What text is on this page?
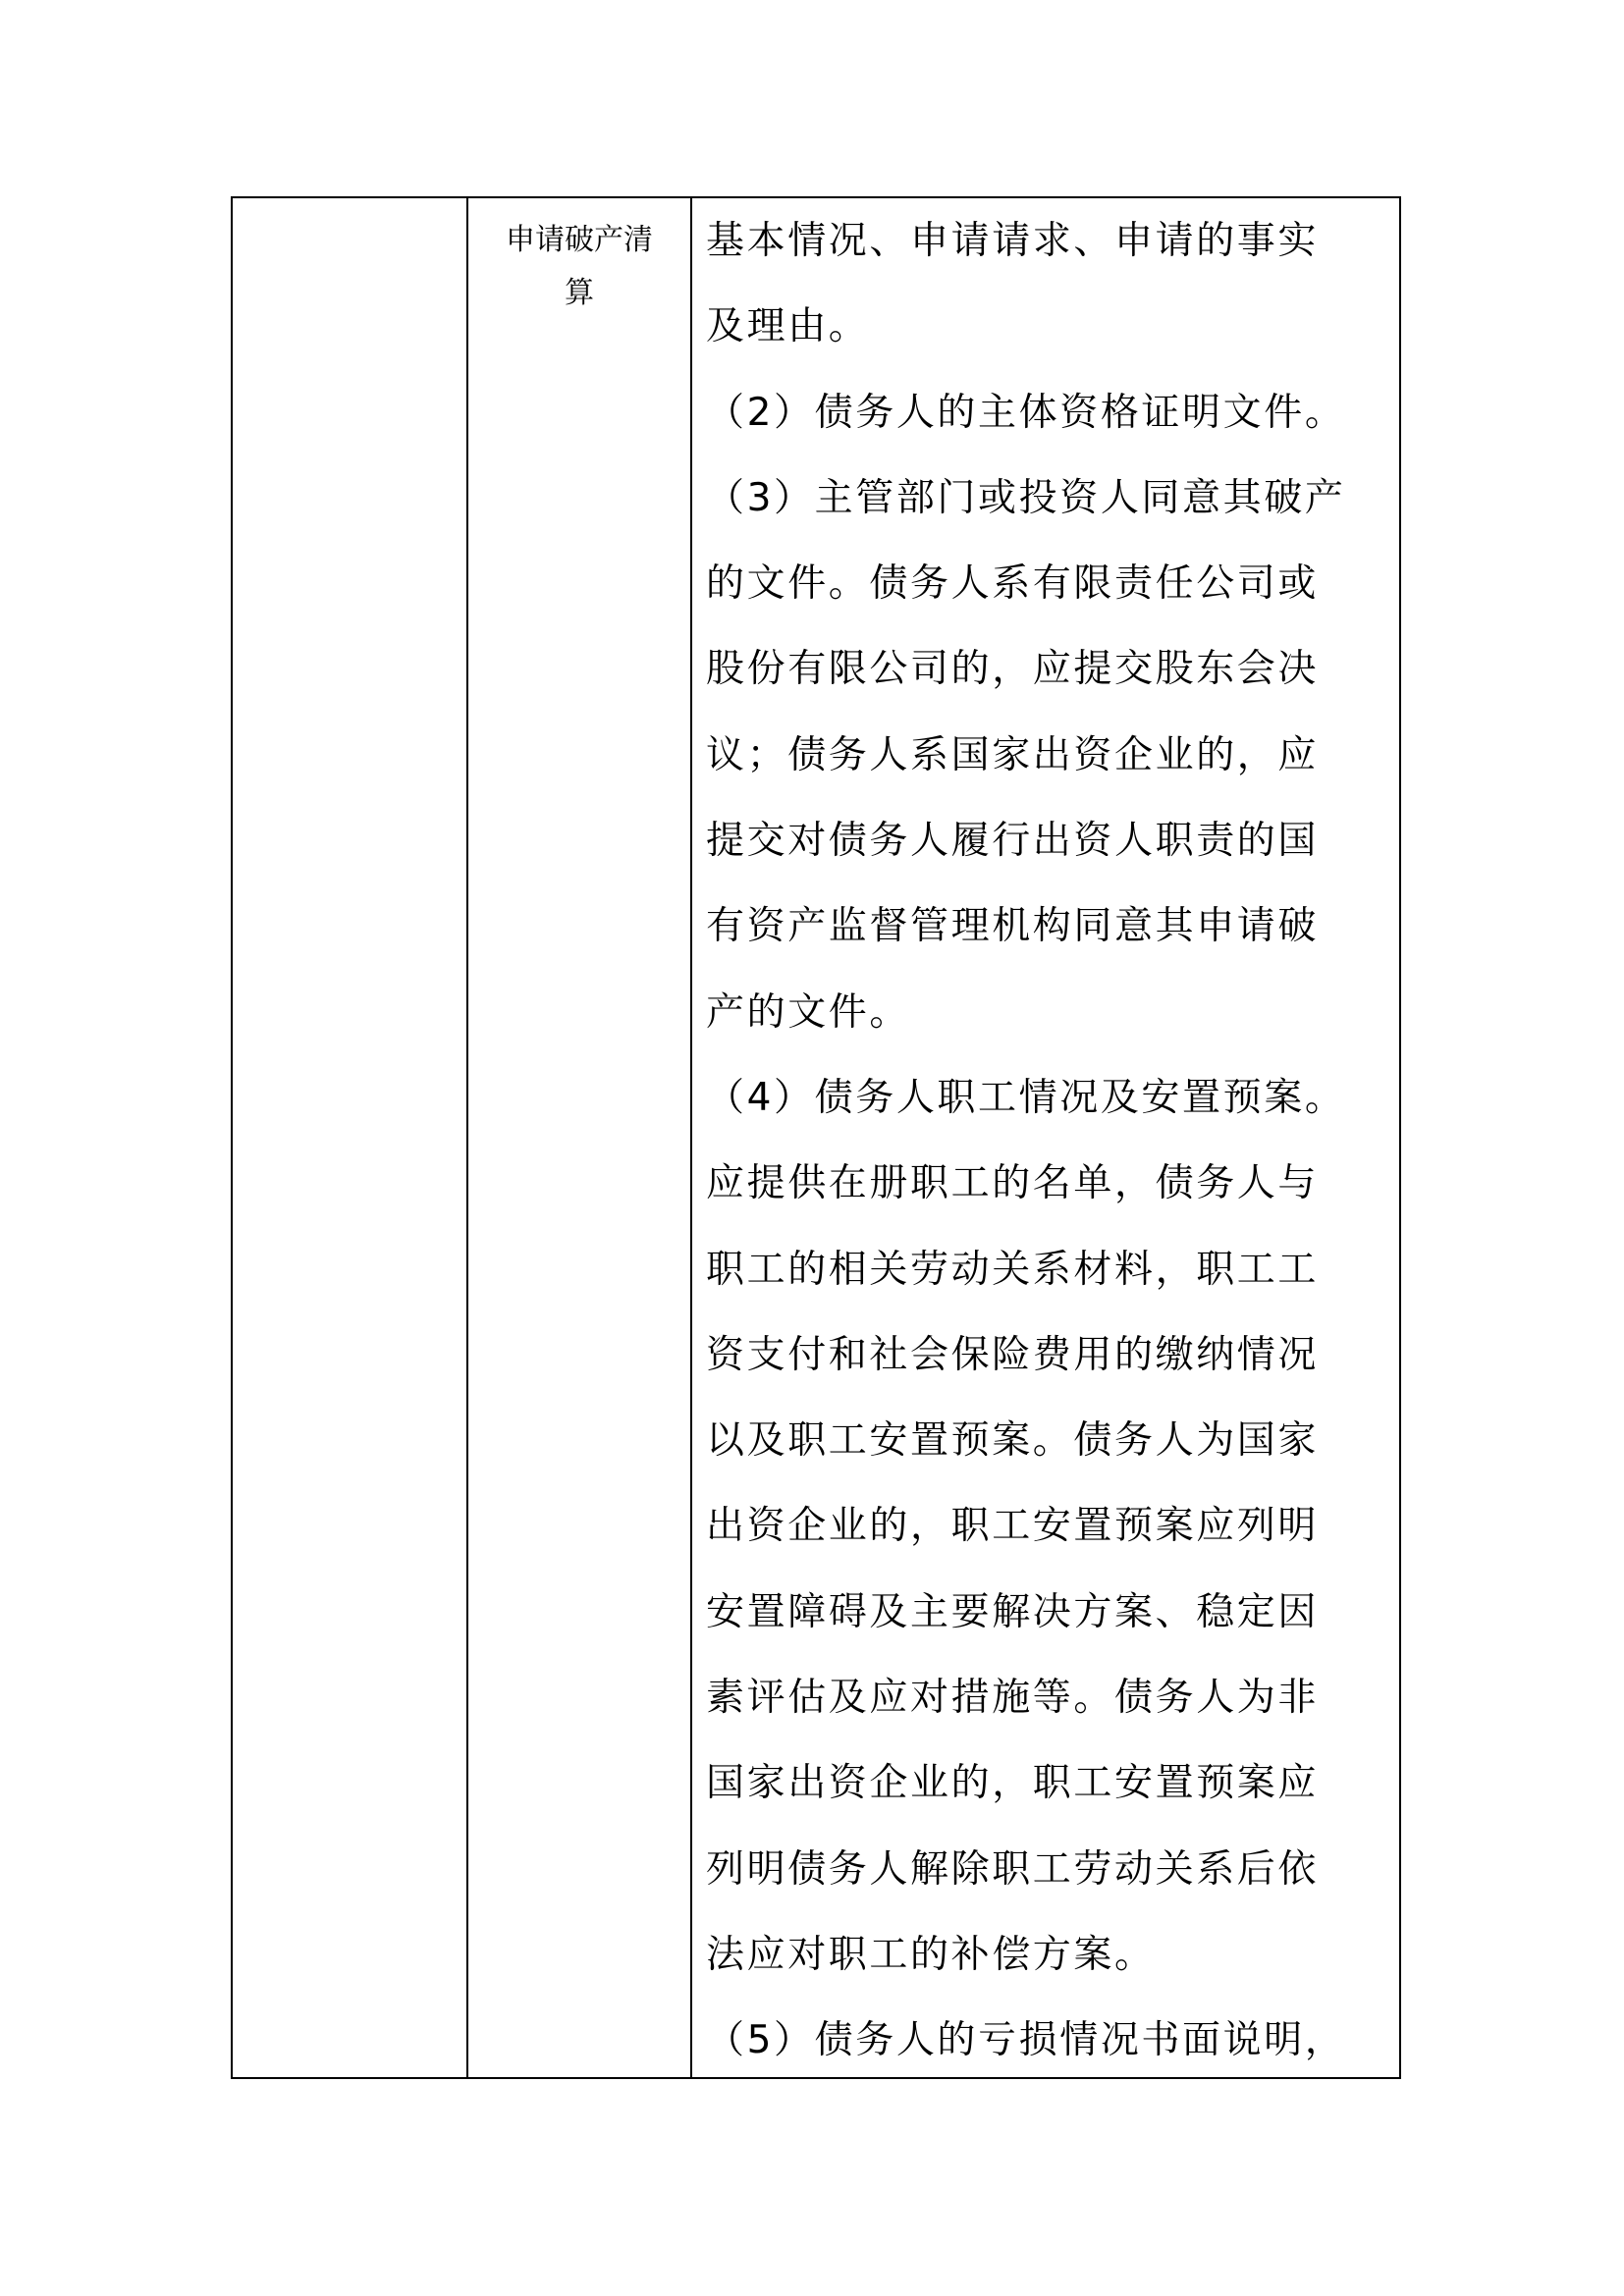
申请破产清
算
基本情况、申请请求、申请的事实
及理由。
（2）债务人的主体资格证明文件。
（3）主管部门或投资人同意其破产
的文件。债务人系有限责任公司或
股份有限公司的，应提交股东会决
议；债务人系国家出资企业的，应
提交对债务人履行出资人职责的国
有资产监督管理机构同意其申请破
产的文件。
（4）债务人职工情况及安置预案。
应提供在册职工的名单，债务人与
职工的相关劳动关系材料，职工工
资支付和社会保险费用的缴纳情况
以及职工安置预案。债务人为国家
出资企业的，职工安置预案应列明
安置障碍及主要解决方案、稳定因
素评估及应对措施等。债务人为非
国家出资企业的，职工安置预案应
列明债务人解除职工劳动关系后依
法应对职工的补偿方案。
（5）债务人的亏损情况书面说明，
